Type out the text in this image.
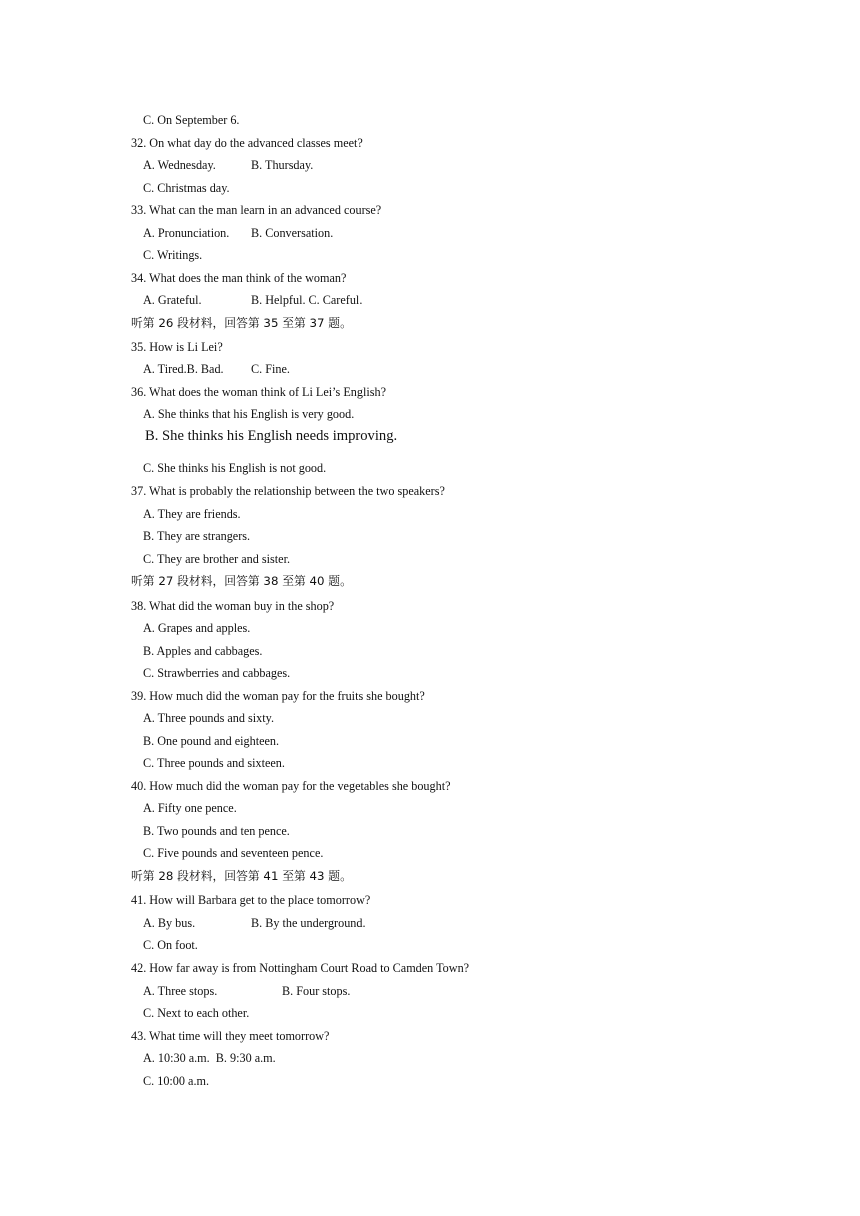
C. On September 6.
32. On what day do the advanced classes meet?
A. Wednesday.	B. Thursday.
C. Christmas day.
33. What can the man learn in an advanced course?
A. Pronunciation. B. Conversation.
C. Writings.
34. What does the man think of the woman?
A. Grateful.	B. Helpful. C. Careful.
听第 26 段材料，回答第 35 至第 37 题。
35. How is Li Lei?
A. Tired.B. Bad. C. Fine.
36. What does the woman think of Li Lei’s English?
A. She thinks that his English is very good.
B. She thinks his English needs improving.
C. She thinks his English is not good.
37. What is probably the relationship between the two speakers?
A. They are friends.
B. They are strangers.
C. They are brother and sister.
听第 27 段材料，回答第 38 至第 40 题。
38. What did the woman buy in the shop?
A. Grapes and apples.
B. Apples and cabbages.
C. Strawberries and cabbages.
39. How much did the woman pay for the fruits she bought?
A. Three pounds and sixty.
B. One pound and eighteen.
C. Three pounds and sixteen.
40. How much did the woman pay for the vegetables she bought?
A. Fifty one pence.
B. Two pounds and ten pence.
C. Five pounds and seventeen pence.
听第 28 段材料，回答第 41 至第 43 题。
41. How will Barbara get to the place tomorrow?
A. By bus.	B. By the underground.
C. On foot.
42. How far away is from Nottingham Court Road to Camden Town?
A. Three stops.	B. Four stops.
C. Next to each other.
43. What time will they meet tomorrow?
A. 10:30 a.m.  B. 9:30 a.m.
C. 10:00 a.m.
